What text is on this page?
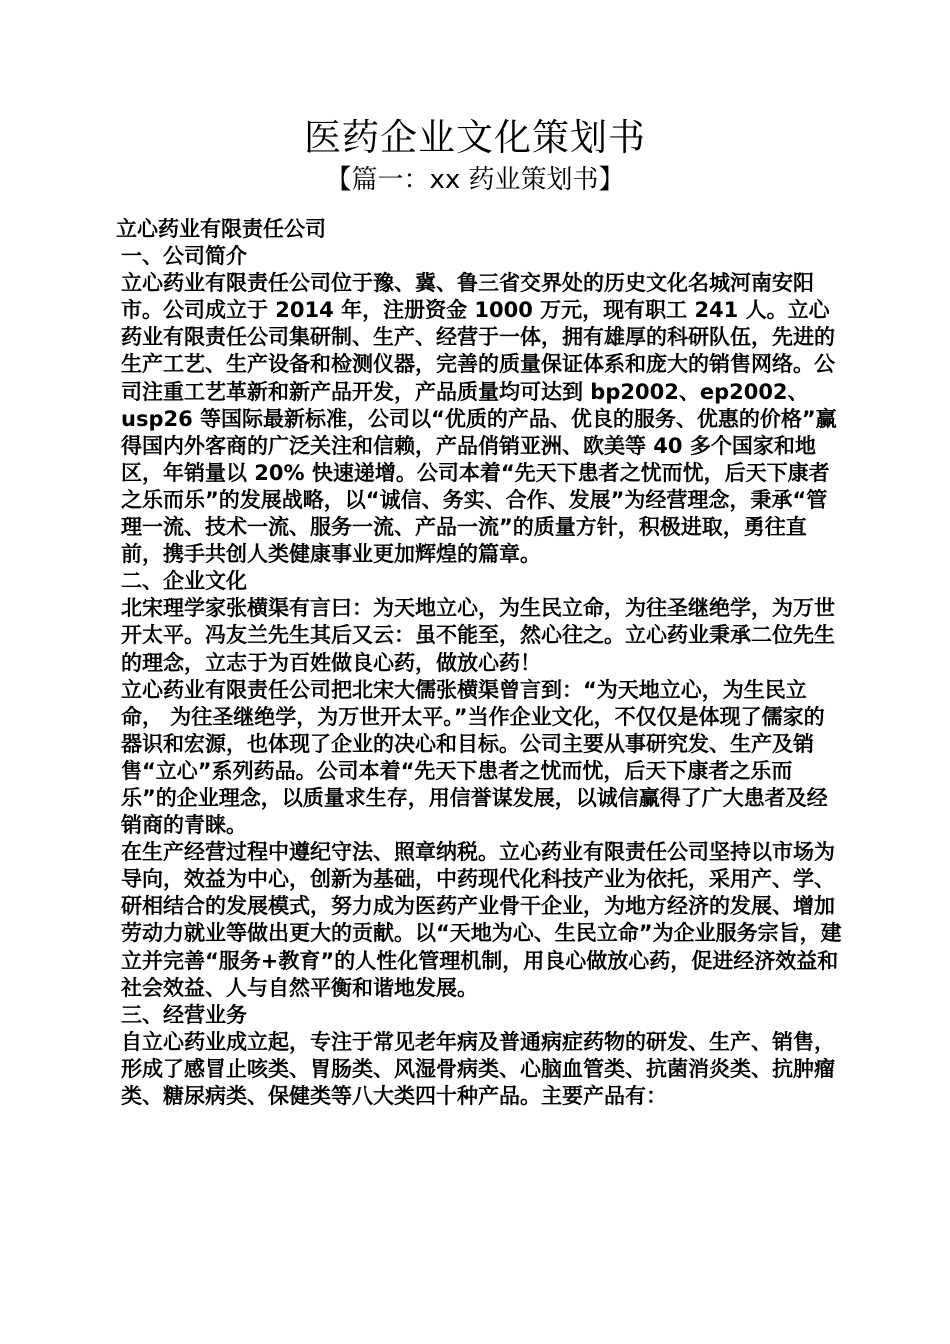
医药企业文化策划书
【篇一：xx 药业策划书】

立心药业有限责任公司

一、公司简介

立心药业有限责任公司位于豫、冀、鲁三省交界处的历史文化名城河南安阳市。公司成立于 2014 年，注册资金 1000 万元，现有职工 241 人。立心药业有限责任公司集研制、生产、经营于一体，拥有雄厚的科研队伍，先进的生产工艺、生产设备和检测仪器，完善的质量保证体系和庞大的销售网络。公司注重工艺革新和新产品开发，产品质量均可达到 bp2002、ep2002、usp26 等国际最新标准，公司以“优质的产品、优良的服务、优惠的价格”赢得国内外客商的广泛关注和信赖，产品俏销亚洲、欧美等 40 多个国家和地区，年销量以 20% 快速递增。公司本着“先天下患者之忧而忧，后天下康者之乐而乐”的发展战略，以“诚信、务实、合作、发展”为经营理念，秉承“管理一流、技术一流、服务一流、产品一流”的质量方针，积极进取，勇往直前，携手共创人类健康事业更加辉煌的篇章。

二、企业文化

北宋理学家张横渠有言曰：为天地立心，为生民立命，为往圣继绝学，为万世开太平。冯友兰先生其后又云：虽不能至，然心往之。立心药业秉承二位先生的理念，立志于为百姓做良心药，做放心药！

立心药业有限责任公司把北宋大儒张横渠曾言到：“为天地立心，为生民立命， 为往圣继绝学，为万世开太平。”当作企业文化，不仅仅是体现了儒家的器识和宏源，也体现了企业的决心和目标。公司主要从事研究发、生产及销售“立心”系列药品。公司本着“先天下患者之忧而忧，后天下康者之乐而乐”的企业理念，以质量求生存，用信誉谋发展，以诚信赢得了广大患者及经销商的青睐。

在生产经营过程中遵纪守法、照章纳税。立心药业有限责任公司坚持以市场为导向，效益为中心，创新为基础，中药现代化科技产业为依托，采用产、学、研相结合的发展模式，努力成为医药产业骨干企业，为地方经济的发展、增加劳动力就业等做出更大的贡献。以“天地为心、生民立命”为企业服务宗旨，建立并完善“服务+教育”的人性化管理机制，用良心做放心药，促进经济效益和社会效益、人与自然平衡和谐地发展。

三、经营业务

自立心药业成立起，专注于常见老年病及普通病症药物的研发、生产、销售，形成了感冒止咳类、胃肠类、风湿骨病类、心脑血管类、抗菌消炎类、抗肿瘤类、糖尿病类、保健类等八大类四十种产品。主要产品有：
